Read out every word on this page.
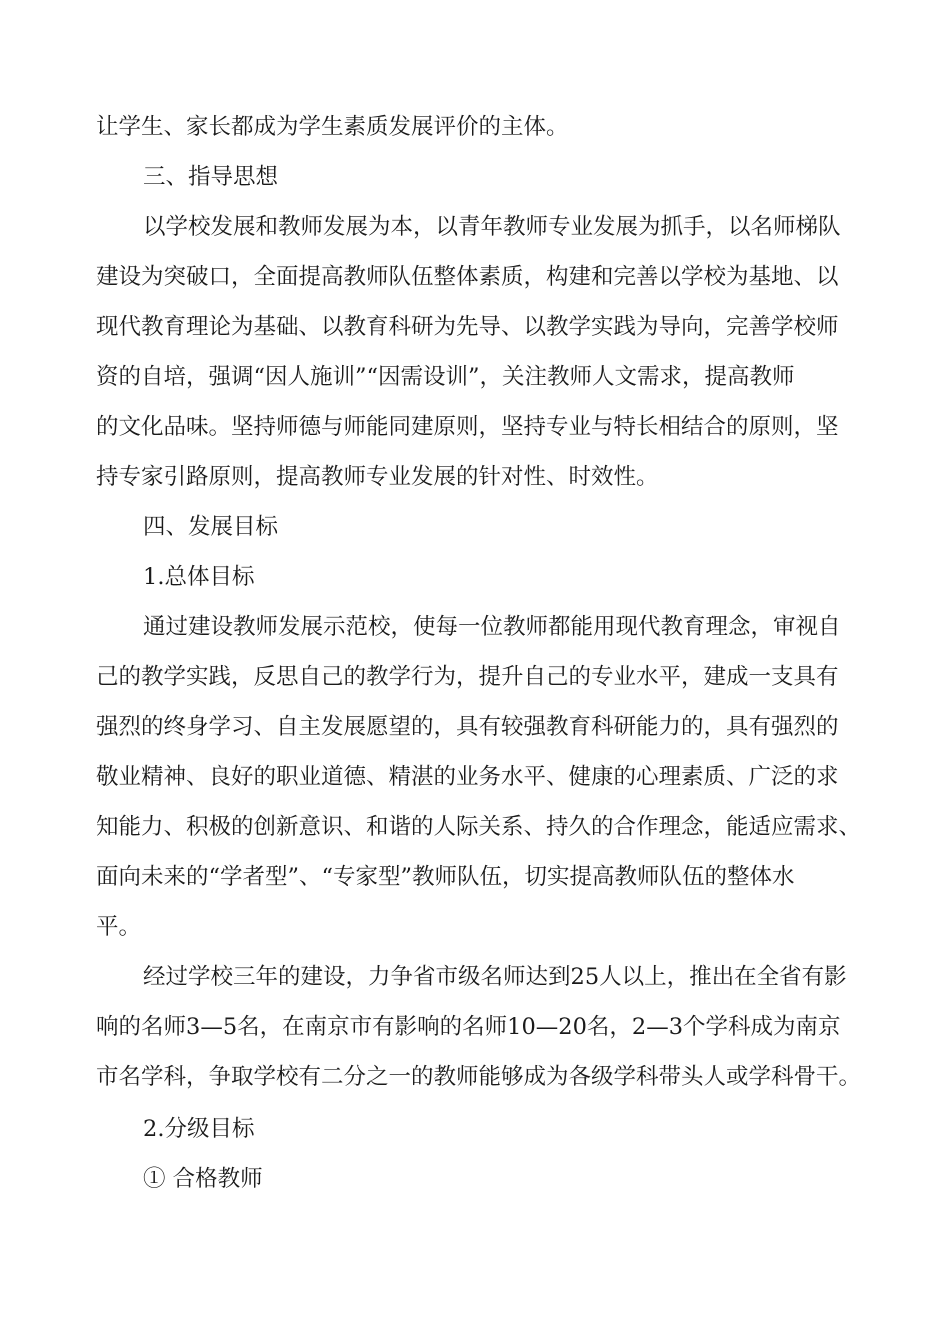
让学生、家长都成为学生素质发展评价的主体。
三、指导思想
以学校发展和教师发展为本，以青年教师专业发展为抓手，以名师梯队
建设为突破口，全面提高教师队伍整体素质，构建和完善以学校为基地、以
现代教育理论为基础、以教育科研为先导、以教学实践为导向，完善学校师
资的自培，强调“因人施训”“因需设训”，关注教师人文需求，提高教师
的文化品味。坚持师德与师能同建原则，坚持专业与特长相结合的原则，坚
持专家引路原则，提高教师专业发展的针对性、时效性。
四、发展目标
1.总体目标
通过建设教师发展示范校，使每一位教师都能用现代教育理念，审视自
己的教学实践，反思自己的教学行为，提升自己的专业水平，建成一支具有
强烈的终身学习、自主发展愿望的，具有较强教育科研能力的，具有强烈的
敬业精神、良好的职业道德、精湛的业务水平、健康的心理素质、广泛的求
知能力、积极的创新意识、和谐的人际关系、持久的合作理念，能适应需求、
面向未来的“学者型”、“专家型”教师队伍，切实提高教师队伍的整体水
平。
经过学校三年的建设，力争省市级名师达到25人以上，推出在全省有影
响的名师3—5名，在南京市有影响的名师10—20名，2—3个学科成为南京
市名学科，争取学校有二分之一的教师能够成为各级学科带头人或学科骨干。
2.分级目标
① 合格教师
